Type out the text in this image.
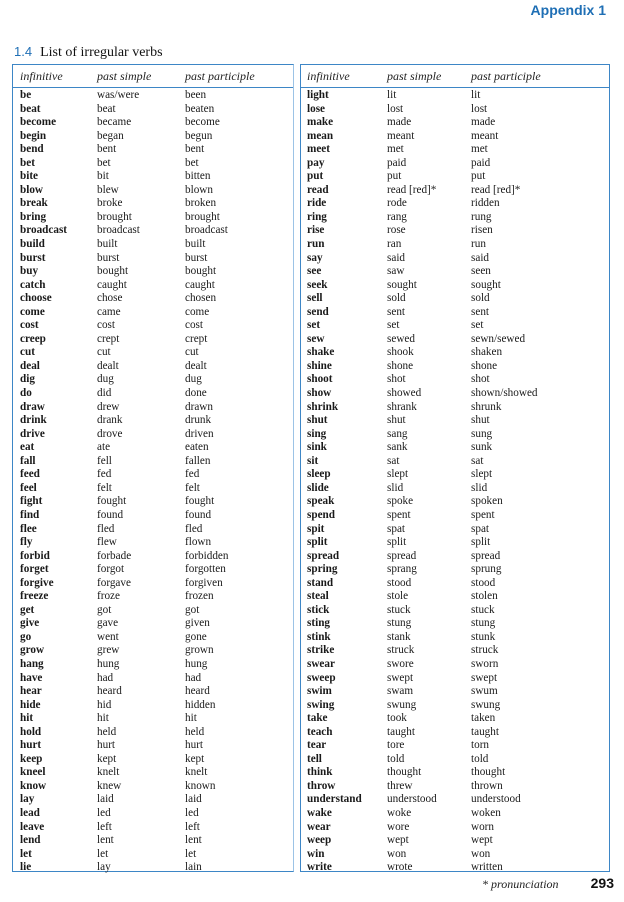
Appendix 1
1.4 List of irregular verbs
infinitive	past simple	past participle
be	was/were	been
beat	beat	beaten
become	became	become
begin	began	begun
bend	bent	bent
bet	bet	bet
bite	bit	bitten
blow	blew	blown
break	broke	broken
bring	brought	brought
broadcast	broadcast	broadcast
build	built	built
burst	burst	burst
buy	bought	bought
catch	caught	caught
choose	chose	chosen
come	came	come
cost	cost	cost
creep	crept	crept
cut	cut	cut
deal	dealt	dealt
dig	dug	dug
do	did	done
draw	drew	drawn
drink	drank	drunk
drive	drove	driven
eat	ate	eaten
fall	fell	fallen
feed	fed	fed
feel	felt	felt
fight	fought	fought
find	found	found
flee	fled	fled
fly	flew	flown
forbid	forbade	forbidden
forget	forgot	forgotten
forgive	forgave	forgiven
freeze	froze	frozen
get	got	got
give	gave	given
go	went	gone
grow	grew	grown
hang	hung	hung
have	had	had
hear	heard	heard
hide	hid	hidden
hit	hit	hit
hold	held	held
hurt	hurt	hurt
keep	kept	kept
kneel	knelt	knelt
know	knew	known
lay	laid	laid
lead	led	led
leave	left	left
lend	lent	lent
let	let	let
lie	lay	lain
infinitive	past simple	past participle
light	lit	lit
lose	lost	lost
make	made	made
mean	meant	meant
meet	met	met
pay	paid	paid
put	put	put
read	read [red]*	read [red]*
ride	rode	ridden
ring	rang	rung
rise	rose	risen
run	ran	run
say	said	said
see	saw	seen
seek	sought	sought
sell	sold	sold
send	sent	sent
set	set	set
sew	sewed	sewn/sewed
shake	shook	shaken
shine	shone	shone
shoot	shot	shot
show	showed	shown/showed
shrink	shrank	shrunk
shut	shut	shut
sing	sang	sung
sink	sank	sunk
sit	sat	sat
sleep	slept	slept
slide	slid	slid
speak	spoke	spoken
spend	spent	spent
spit	spat	spat
split	split	split
spread	spread	spread
spring	sprang	sprung
stand	stood	stood
steal	stole	stolen
stick	stuck	stuck
sting	stung	stung
stink	stank	stunk
strike	struck	struck
swear	swore	sworn
sweep	swept	swept
swim	swam	swum
swing	swung	swung
take	took	taken
teach	taught	taught
tear	tore	torn
tell	told	told
think	thought	thought
throw	threw	thrown
understand	understood	understood
wake	woke	woken
wear	wore	worn
weep	wept	wept
win	won	won
write	wrote	written
* pronunciation 293
